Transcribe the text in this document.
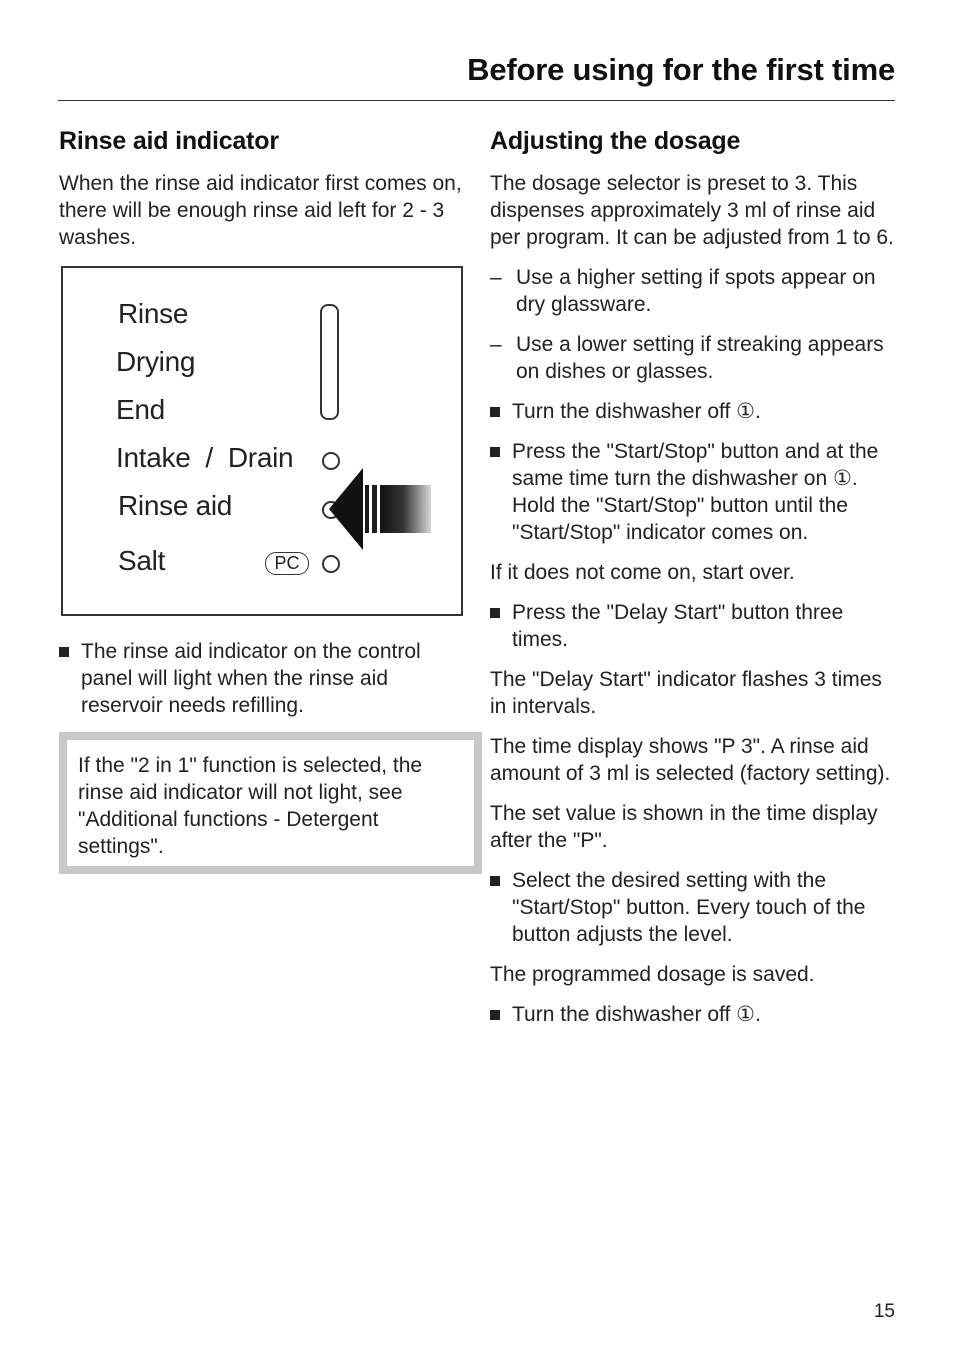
Before using for the first time
Rinse aid indicator

When the rinse aid indicator first comes on, there will be enough rinse aid left for 2 - 3 washes.

Rinse
Drying
End
Intake  /  Drain
Rinse aid
Salt	PC
The rinse aid indicator on the control panel will light when the rinse aid reservoir needs refilling.

If the "2 in 1" function is selected, the rinse aid indicator will not light, see "Additional functions - Detergent settings".

Adjusting the dosage

The dosage selector is preset to 3. This dispenses approximately 3 ml of rinse aid per program. It can be adjusted from 1 to 6.

– Use a higher setting if spots appear on dry glassware.
– Use a lower setting if streaking appears on dishes or glasses.
Turn the dishwasher off ①.
Press the "Start/Stop" button and at the same time turn the dishwasher on ①. Hold the "Start/Stop" button until the "Start/Stop" indicator comes on.

If it does not come on, start over.

Press the "Delay Start" button three times.

The "Delay Start" indicator flashes 3 times in intervals.

The time display shows "P 3". A rinse aid amount of 3 ml is selected (factory setting).

The set value is shown in the time display after the "P".

Select the desired setting with the "Start/Stop" button. Every touch of the button adjusts the level.

The programmed dosage is saved.

Turn the dishwasher off ①.
15
